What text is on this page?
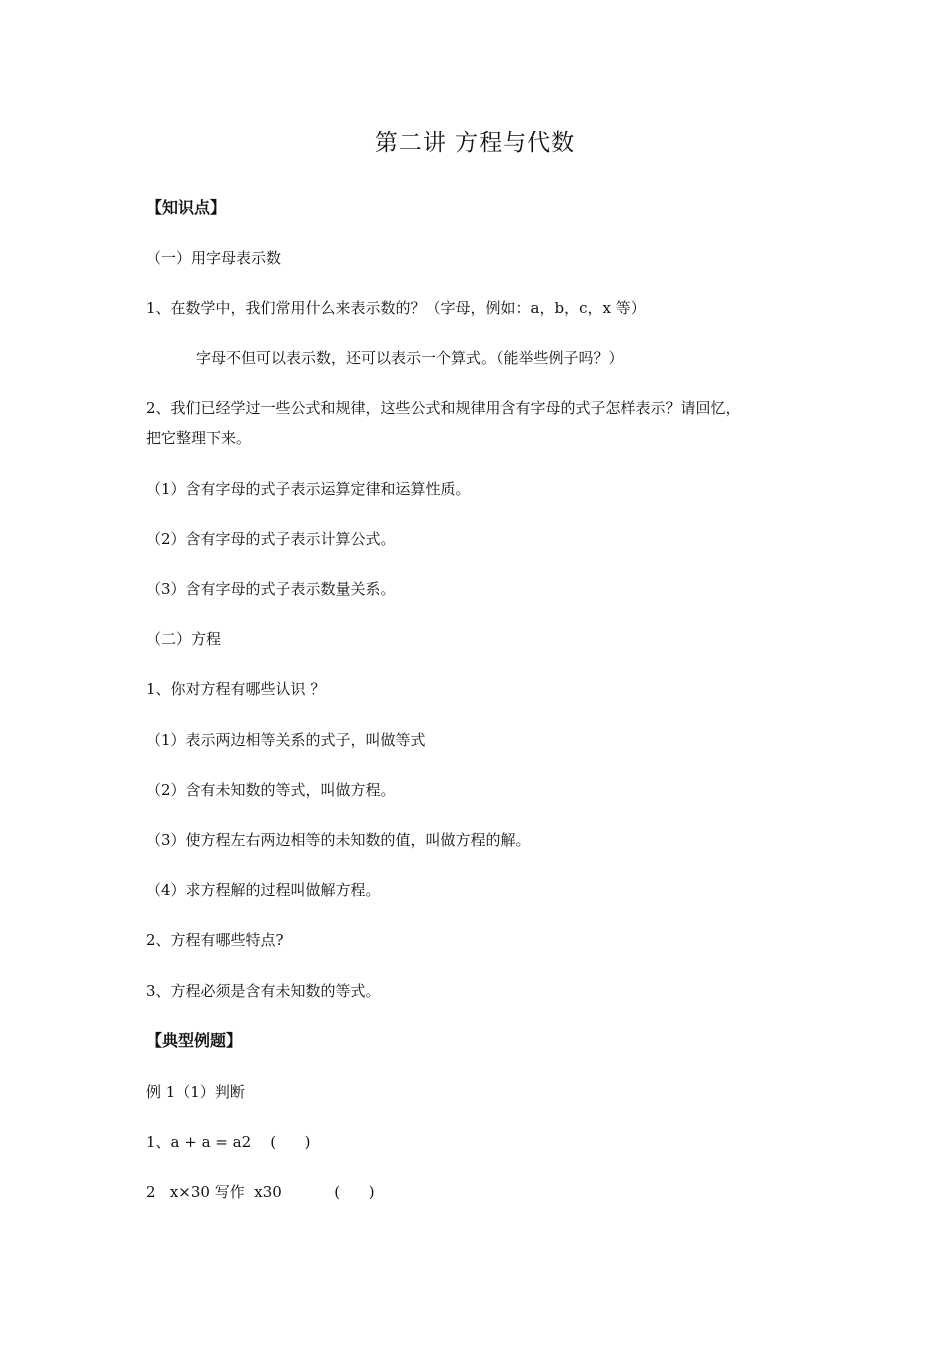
第二讲 方程与代数
【知识点】
（一）用字母表示数
1、在数学中，我们常用什么来表示数的？（字母，例如：a，b，c，x 等）
字母不但可以表示数，还可以表示一个算式。（能举些例子吗？）
2、我们已经学过一些公式和规律，这些公式和规律用含有字母的式子怎样表示？请回忆，
把它整理下来。
（1）含有字母的式子表示运算定律和运算性质。
（2）含有字母的式子表示计算公式。
（3）含有字母的式子表示数量关系。
（二）方程
1、你对方程有哪些认识 ？
（1）表示两边相等关系的式子，叫做等式
（2）含有未知数的等式，叫做方程。
（3）使方程左右两边相等的未知数的值，叫做方程的解。
（4）求方程解的过程叫做解方程。
2、方程有哪些特点?
3、方程必须是含有未知数的等式。
【典型例题】
例 1（1）判断
1、a + a = a2    (      )
2   x×30 写作  x30           (      )
